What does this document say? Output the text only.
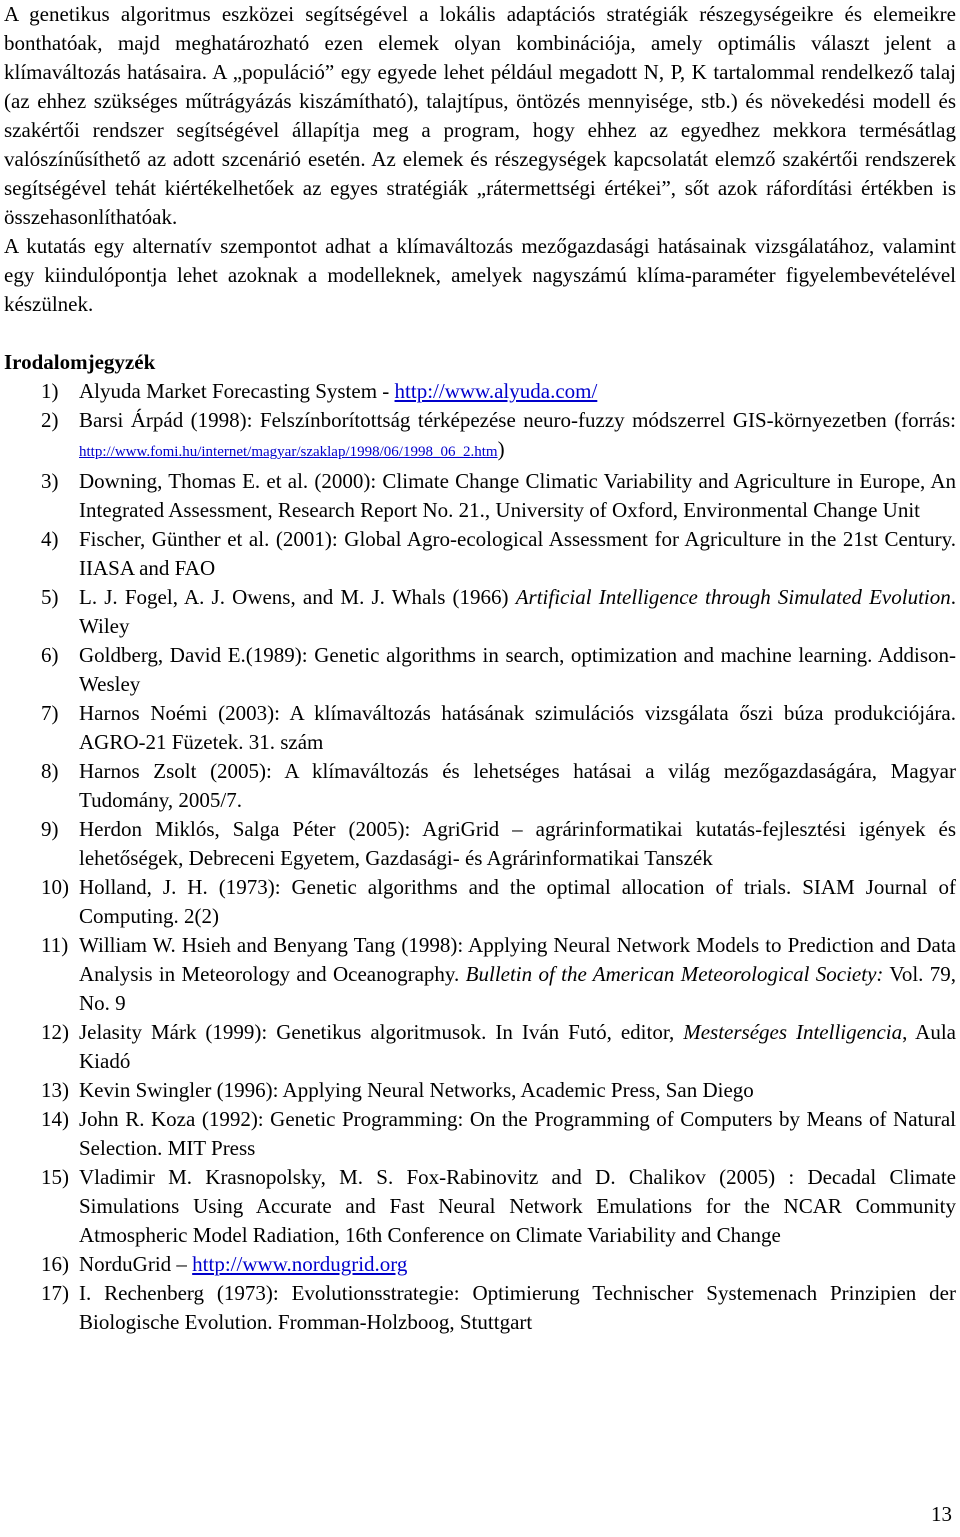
A genetikus algoritmus eszközei segítségével a lokális adaptációs stratégiák részegységeikre és elemeikre bonthatóak, majd meghatározható ezen elemek olyan kombinációja, amely optimális választ jelent a klímaváltozás hatásaira. A „populáció” egy egyede lehet például megadott N, P, K tartalommal rendelkező talaj (az ehhez szükséges műtrágyázás kiszámítható), talajtípus, öntözés mennyisége, stb.) és növekedési modell és szakértői rendszer segítségével állapítja meg a program, hogy ehhez az egyedhez mekkora termésátlag valószínűsíthető az adott szcenárió esetén. Az elemek és részegységek kapcsolatát elemző szakértői rendszerek segítségével tehát kiértékelhetőek az egyes stratégiák „rátermettségi értékei”, sőt azok ráfordítási értékben is összehasonlíthatóak.

A kutatás egy alternatív szempontot adhat a klímaváltozás mezőgazdasági hatásainak vizsgálatához, valamint egy kiindulópontja lehet azoknak a modelleknek, amelyek nagyszámú klíma-paraméter figyelembevételével készülnek.

Irodalomjegyzék
1) Alyuda Market Forecasting System - http://www.alyuda.com/
2) Barsi Árpád (1998): Felszínborítottság térképezése neuro-fuzzy módszerrel GIS-környezetben (forrás: http://www.fomi.hu/internet/magyar/szaklap/1998/06/1998_06_2.htm)
3) Downing, Thomas E. et al. (2000): Climate Change Climatic Variability and Agriculture in Europe, An Integrated Assessment, Research Report No. 21., University of Oxford, Environmental Change Unit
4) Fischer, Günther et al. (2001): Global Agro-ecological Assessment for Agriculture in the 21st Century. IIASA and FAO
5) L. J. Fogel, A. J. Owens, and M. J. Whals (1966) Artificial Intelligence through Simulated Evolution. Wiley
6) Goldberg, David E.(1989): Genetic algorithms in search, optimization and machine learning. Addison-Wesley
7) Harnos Noémi (2003): A klímaváltozás hatásának szimulációs vizsgálata őszi búza produkciójára. AGRO-21 Füzetek. 31. szám
8) Harnos Zsolt (2005): A klímaváltozás és lehetséges hatásai a világ mezőgazdaságára, Magyar Tudomány, 2005/7.
9) Herdon Miklós, Salga Péter (2005): AgriGrid – agrárinformatikai kutatás-fejlesztési igények és lehetőségek, Debreceni Egyetem, Gazdasági- és Agrárinformatikai Tanszék
10) Holland, J. H. (1973): Genetic algorithms and the optimal allocation of trials. SIAM Journal of Computing. 2(2)
11) William W. Hsieh and Benyang Tang (1998): Applying Neural Network Models to Prediction and Data Analysis in Meteorology and Oceanography. Bulletin of the American Meteorological Society: Vol. 79, No. 9
12) Jelasity Márk (1999): Genetikus algoritmusok. In Iván Futó, editor, Mesterséges Intelligencia, Aula Kiadó
13) Kevin Swingler (1996): Applying Neural Networks, Academic Press, San Diego
14) John R. Koza (1992): Genetic Programming: On the Programming of Computers by Means of Natural Selection. MIT Press
15) Vladimir M. Krasnopolsky, M. S. Fox-Rabinovitz and D. Chalikov (2005) : Decadal Climate Simulations Using Accurate and Fast Neural Network Emulations for the NCAR Community Atmospheric Model Radiation, 16th Conference on Climate Variability and Change
16) NorduGrid – http://www.nordugrid.org
17) I. Rechenberg (1973): Evolutionsstrategie: Optimierung Technischer Systemenach Prinzipien der Biologische Evolution. Fromman-Holzboog, Stuttgart
13
